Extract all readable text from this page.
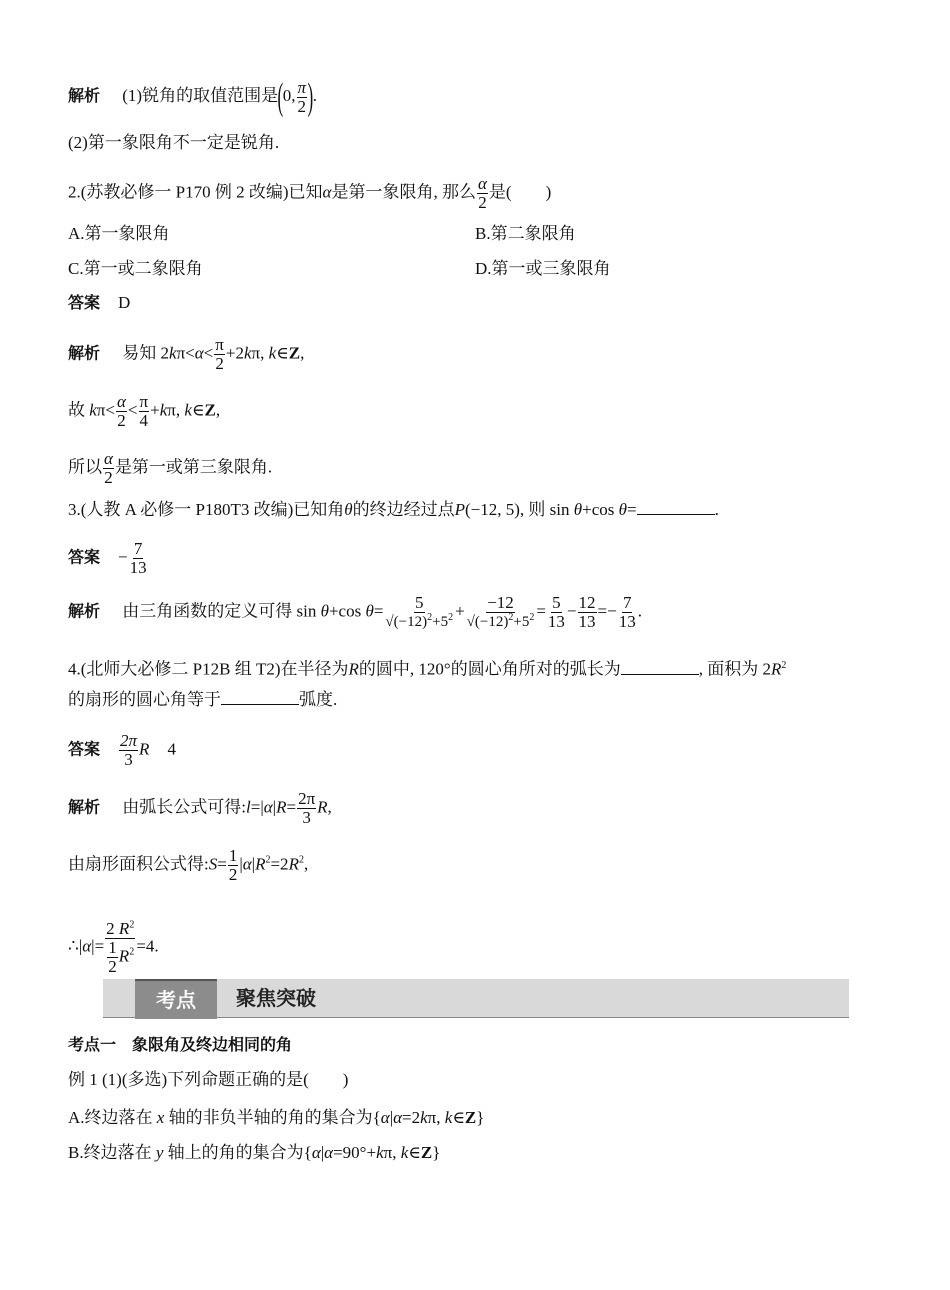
解析 (1)锐角的取值范围是(0, $\frac{\pi}{2}$ ).
(2)第一象限角不一定是锐角.
2.(苏教必修一 P170 例 2 改编)已知α是第一象限角, 那么 $\frac{\alpha}{2}$ 是(　　)
A.第一象限角	B.第二象限角
C.第一或二象限角	D.第一或三象限角
答案 D
解析 易知 $2k\pi<\alpha< \frac{\pi}{2} +2k\pi$, k∈Z,
故 $k\pi< \frac{\alpha}{2} < \frac{\pi}{4} +k\pi$, k∈Z,
所以 $\frac{\alpha}{2}$ 是第一或第三象限角.
3.(人教 A 必修一 P180T3 改编)已知角θ的终边经过点P(−12, 5), 则 sin θ+cos θ=	.
答案 − $\frac{7}{13}$
解析 由三角函数的定义可得 sin θ+cos $\theta= \frac{5}{√(-12)^2+5^2} + \frac{-12}{√(-12)^2+5^2} = \frac{5}{13} - \frac{12}{13} =- \frac{7}{13}$ .
4.(北师大必修二 P12B 组 T2)在半径为R的圆中, 120°的圆心角所对的弧长为	, 面积为 $2R^2$
的扇形的圆心角等于	弧度.
答案 $\frac{2\pi}{3}$ R 4
解析 由弧长公式可得:l=|α|R= $\frac{2\pi}{3} R$,
由扇形面积公式得:S= $\frac{1}{2} |\alpha|R^2=2R^2$,
∴|α|= $\frac{2 R^2}{\frac{1}{2} R^2} =4$.
考点	聚焦突破
考点一　象限角及终边相同的角
例 1 (1)(多选)下列命题正确的是(　　)
A.终边落在 x 轴的非负半轴的角的集合为{α|α=2kπ, k∈Z}
B.终边落在 y 轴上的角的集合为{α|α=90°+kπ, k∈Z}
